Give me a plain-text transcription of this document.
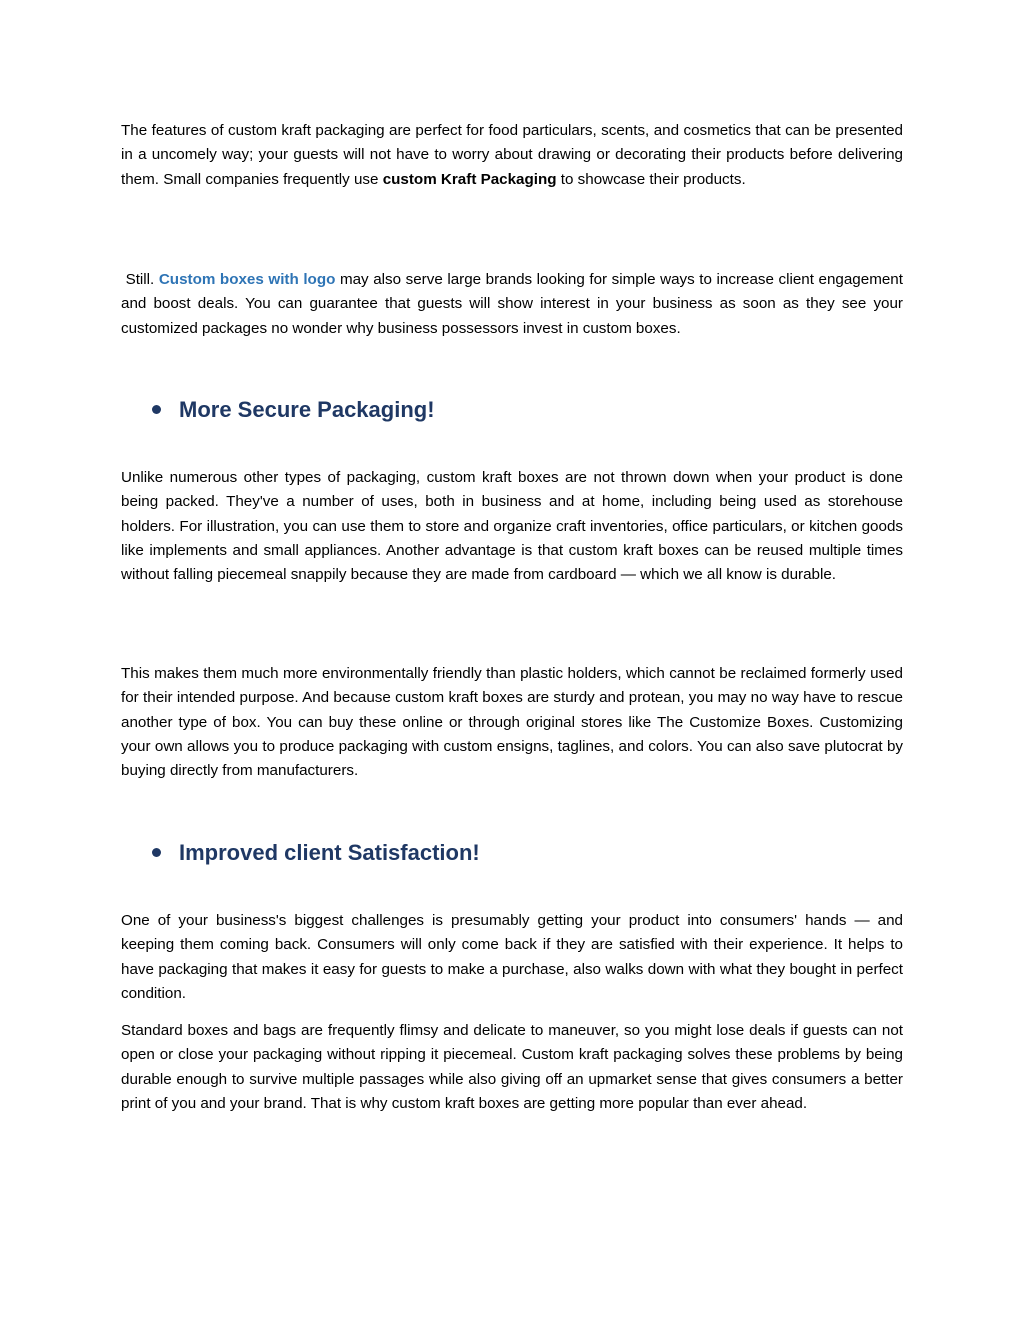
The features of custom kraft packaging are perfect for food particulars, scents, and cosmetics that can be presented in a uncomely way; your guests will not have to worry about drawing or decorating their products before delivering them. Small companies frequently use custom Kraft Packaging to showcase their products.

Still. Custom boxes with logo may also serve large brands looking for simple ways to increase client engagement and boost deals. You can guarantee that guests will show interest in your business as soon as they see your customized packages no wonder why business possessors invest in custom boxes.

More Secure Packaging!

Unlike numerous other types of packaging, custom kraft boxes are not thrown down when your product is done being packed. They've a number of uses, both in business and at home, including being used as storehouse holders. For illustration, you can use them to store and organize craft inventories, office particulars, or kitchen goods like implements and small appliances. Another advantage is that custom kraft boxes can be reused multiple times without falling piecemeal snappily because they are made from cardboard — which we all know is durable.

This makes them much more environmentally friendly than plastic holders, which cannot be reclaimed formerly used for their intended purpose. And because custom kraft boxes are sturdy and protean, you may no way have to rescue another type of box. You can buy these online or through original stores like The Customize Boxes. Customizing your own allows you to produce packaging with custom ensigns, taglines, and colors. You can also save plutocrat by buying directly from manufacturers.

Improved client Satisfaction!

One of your business's biggest challenges is presumably getting your product into consumers' hands — and keeping them coming back. Consumers will only come back if they are satisfied with their experience. It helps to have packaging that makes it easy for guests to make a purchase, also walks down with what they bought in perfect condition.

Standard boxes and bags are frequently flimsy and delicate to maneuver, so you might lose deals if guests can not open or close your packaging without ripping it piecemeal. Custom kraft packaging solves these problems by being durable enough to survive multiple passages while also giving off an upmarket sense that gives consumers a better print of you and your brand. That is why custom kraft boxes are getting more popular than ever ahead.
